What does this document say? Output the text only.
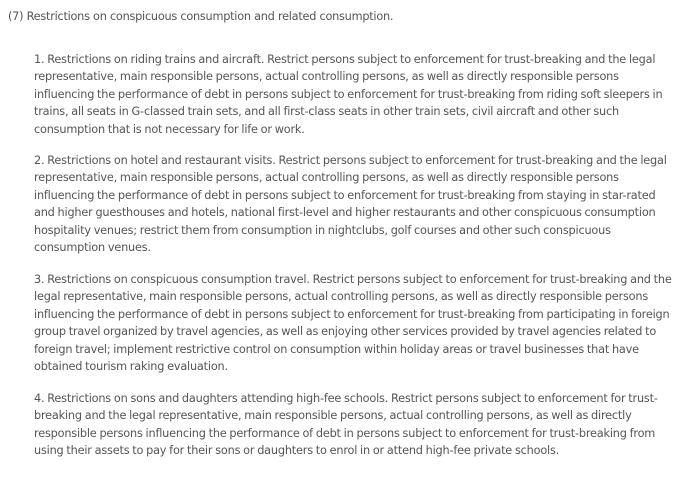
(7) Restrictions on conspicuous consumption and related consumption.

1. Restrictions on riding trains and aircraft. Restrict persons subject to enforcement for trust-breaking and the legal representative, main responsible persons, actual controlling persons, as well as directly responsible persons influencing the performance of debt in persons subject to enforcement for trust-breaking from riding soft sleepers in trains, all seats in G-classed train sets, and all first-class seats in other train sets, civil aircraft and other such consumption that is not necessary for life or work.

2. Restrictions on hotel and restaurant visits. Restrict persons subject to enforcement for trust-breaking and the legal representative, main responsible persons, actual controlling persons, as well as directly responsible persons influencing the performance of debt in persons subject to enforcement for trust-breaking from staying in star-rated and higher guesthouses and hotels, national first-level and higher restaurants and other conspicuous consumption hospitality venues; restrict them from consumption in nightclubs, golf courses and other such conspicuous consumption venues.

3. Restrictions on conspicuous consumption travel. Restrict persons subject to enforcement for trust-breaking and the legal representative, main responsible persons, actual controlling persons, as well as directly responsible persons influencing the performance of debt in persons subject to enforcement for trust-breaking from participating in foreign group travel organized by travel agencies, as well as enjoying other services provided by travel agencies related to foreign travel; implement restrictive control on consumption within holiday areas or travel businesses that have obtained tourism raking evaluation.

4. Restrictions on sons and daughters attending high-fee schools. Restrict persons subject to enforcement for trust-breaking and the legal representative, main responsible persons, actual controlling persons, as well as directly responsible persons influencing the performance of debt in persons subject to enforcement for trust-breaking from using their assets to pay for their sons or daughters to enrol in or attend high-fee private schools.
